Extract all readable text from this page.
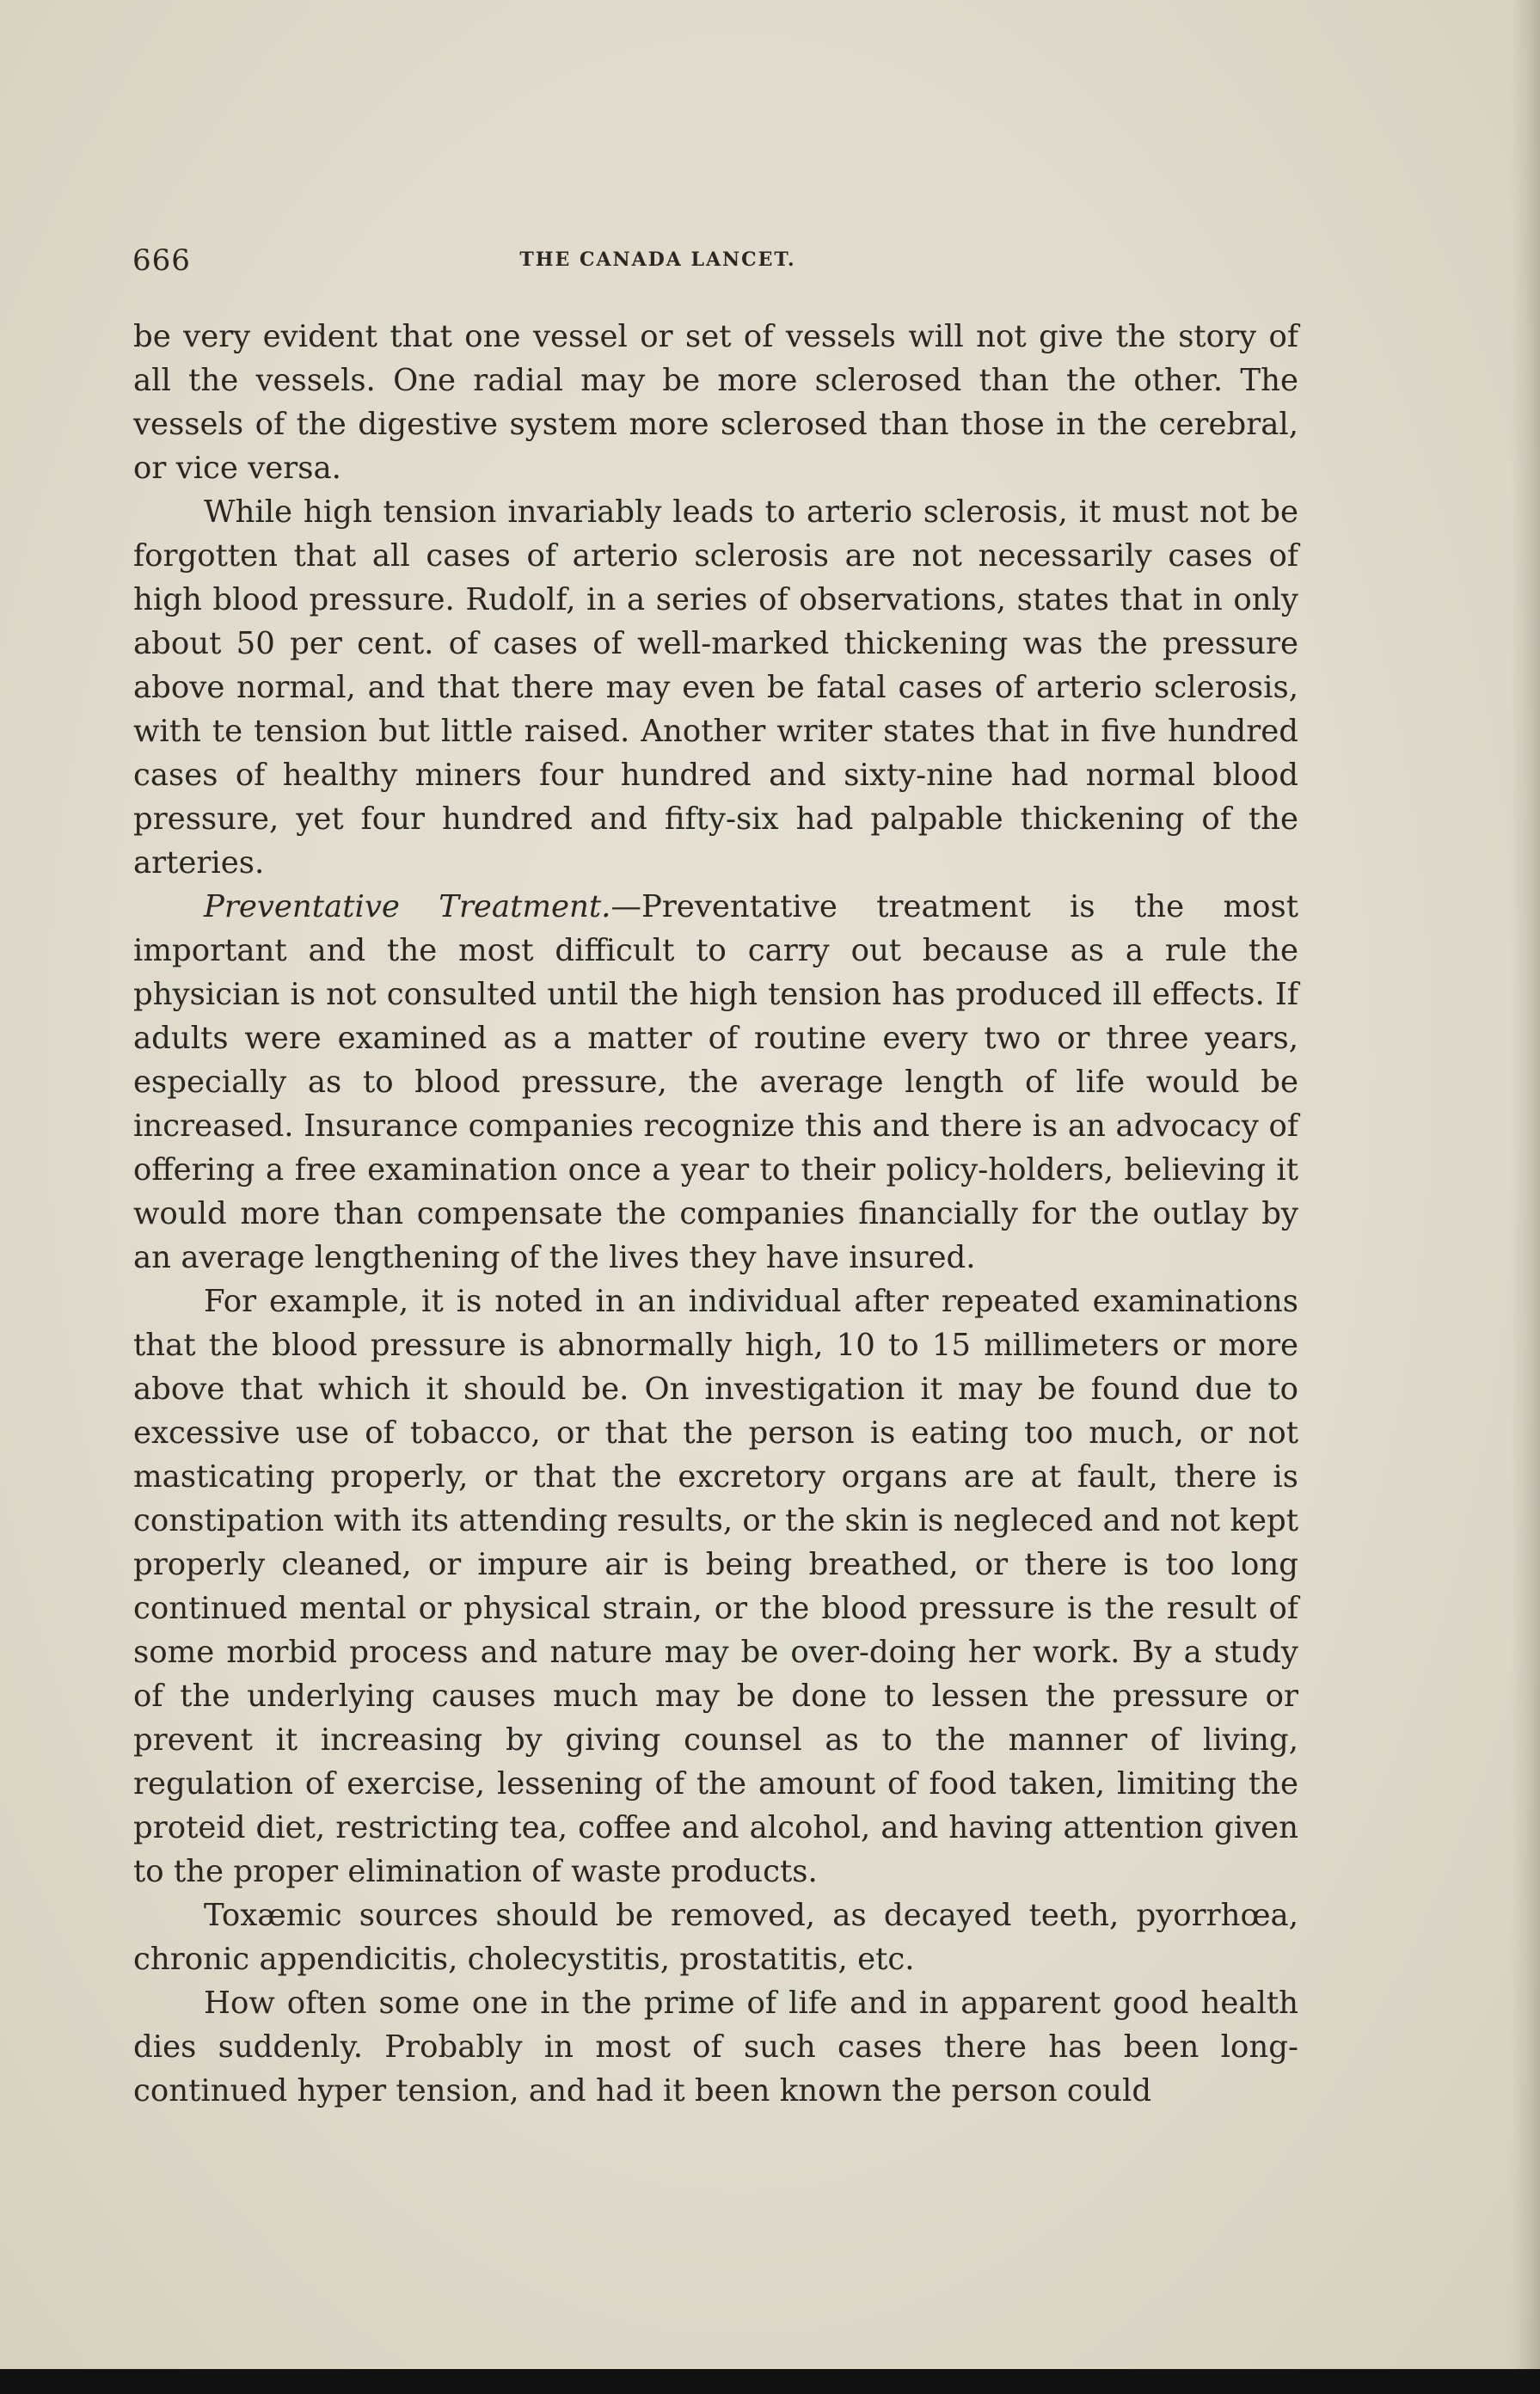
666	THE CANADA LANCET.

be very evident that one vessel or set of vessels will not give the story of all the vessels. One radial may be more sclerosed than the other. The vessels of the digestive system more sclerosed than those in the cerebral, or vice versa.

While high tension invariably leads to arterio sclerosis, it must not be forgotten that all cases of arterio sclerosis are not necessarily cases of high blood pressure. Rudolf, in a series of observations, states that in only about 50 per cent. of cases of well-marked thickening was the pressure above normal, and that there may even be fatal cases of arterio sclerosis, with te tension but little raised. Another writer states that in five hundred cases of healthy miners four hundred and sixty-nine had normal blood pressure, yet four hundred and fifty-six had palpable thickening of the arteries.

Preventative Treatment.—Preventative treatment is the most important and the most difficult to carry out because as a rule the physician is not consulted until the high tension has produced ill effects. If adults were examined as a matter of routine every two or three years, especially as to blood pressure, the average length of life would be increased. Insurance companies recognize this and there is an advocacy of offering a free examination once a year to their policy-holders, believing it would more than compensate the companies financially for the outlay by an average lengthening of the lives they have insured.

For example, it is noted in an individual after repeated examinations that the blood pressure is abnormally high, 10 to 15 millimeters or more above that which it should be. On investigation it may be found due to excessive use of tobacco, or that the person is eating too much, or not masticating properly, or that the excretory organs are at fault, there is constipation with its attending results, or the skin is negleced and not kept properly cleaned, or impure air is being breathed, or there is too long continued mental or physical strain, or the blood pressure is the result of some morbid process and nature may be over-doing her work. By a study of the underlying causes much may be done to lessen the pressure or prevent it increasing by giving counsel as to the manner of living, regulation of exercise, lessening of the amount of food taken, limiting the proteid diet, restricting tea, coffee and alcohol, and having attention given to the proper elimination of waste products.

Toxæmic sources should be removed, as decayed teeth, pyorrhœa, chronic appendicitis, cholecystitis, prostatitis, etc.

How often some one in the prime of life and in apparent good health dies suddenly. Probably in most of such cases there has been long-continued hyper tension, and had it been known the person could
